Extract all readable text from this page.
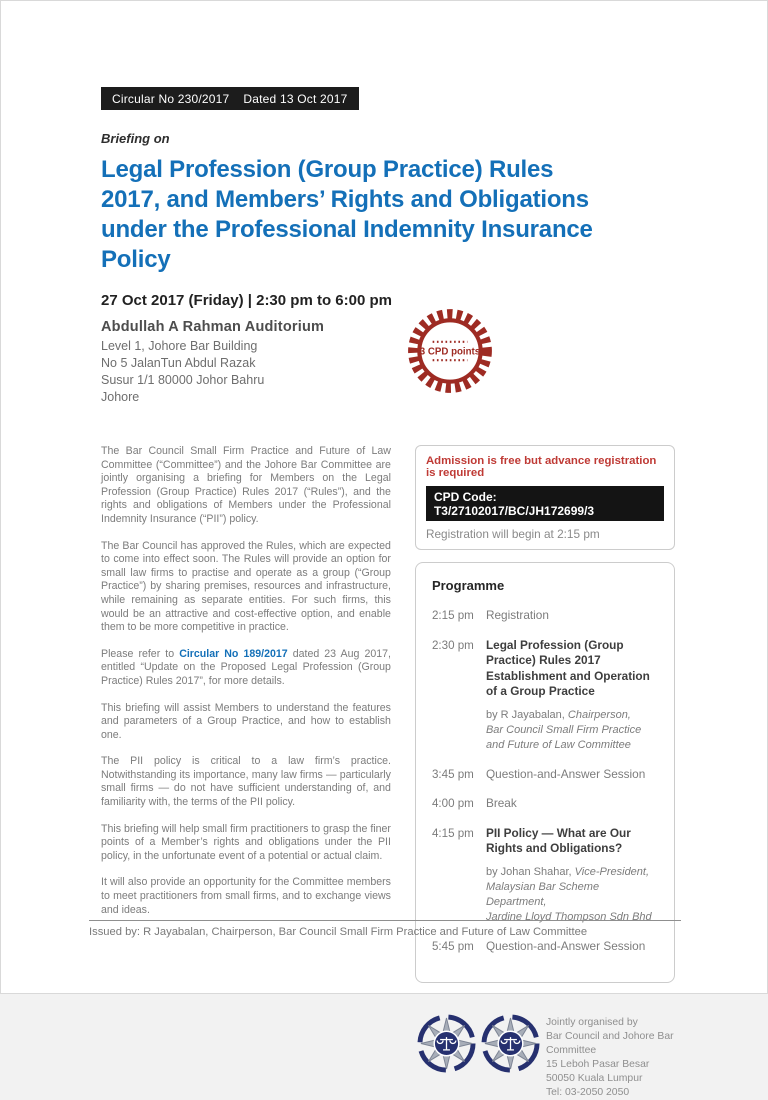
Circular No 230/2017 Dated 13 Oct 2017
Briefing on
Legal Profession (Group Practice) Rules 2017, and Members’ Rights and Obligations under the Professional Indemnity Insurance Policy
27 Oct 2017 (Friday) | 2:30 pm to 6:00 pm
Abdullah A Rahman Auditorium
Level 1, Johore Bar Building
No 5 JalanTun Abdul Razak
Susur 1/1 80000 Johor Bahru
Johore
3 CPD points

The Bar Council Small Firm Practice and Future of Law Committee (“Committee”) and the Johore Bar Committee are jointly organising a briefing for Members on the Legal Profession (Group Practice) Rules 2017 (“Rules”), and the rights and obligations of Members under the Professional Indemnity Insurance (“PII”) policy.

The Bar Council has approved the Rules, which are expected to come into effect soon. The Rules will provide an option for small law firms to practise and operate as a group (“Group Practice”) by sharing premises, resources and infrastructure, while remaining as separate entities. For such firms, this would be an attractive and cost-effective option, and enable them to be more competitive in practice.

Please refer to Circular No 189/2017 dated 23 Aug 2017, entitled “Update on the Proposed Legal Profession (Group Practice) Rules 2017”, for more details.

This briefing will assist Members to understand the features and parameters of a Group Practice, and how to establish one.

The PII policy is critical to a law firm’s practice. Notwithstanding its importance, many law firms — particularly small firms — do not have sufficient understanding of, and familiarity with, the terms of the PII policy.

This briefing will help small firm practitioners to grasp the finer points of a Member’s rights and obligations under the PII policy, in the unfortunate event of a potential or actual claim.

It will also provide an opportunity for the Committee members to meet practitioners from small firms, and to exchange views and ideas.

Admission is free but advance registration is required
CPD Code: T3/27102017/BC/JH172699/3
Registration will begin at 2:15 pm
Programme
2:15 pm	Registration
2:30 pm	Legal Profession (Group Practice) Rules 2017 Establishment and Operation of a Group Practice
by R Jayabalan, Chairperson,
Bar Council Small Firm Practice and Future of Law Committee
3:45 pm	Question-and-Answer Session
4:00 pm	Break
4:15 pm	PII Policy — What are Our Rights and Obligations?
by Johan Shahar, Vice-President,
Malaysian Bar Scheme Department,
Jardine Lloyd Thompson Sdn Bhd
5:45 pm	Question-and-Answer Session
Jointly organised by
Bar Council and Johore Bar Committee
15 Leboh Pasar Besar
50050 Kuala Lumpur
Tel: 03-2050 2050
Issued by: R Jayabalan, Chairperson, Bar Council Small Firm Practice and Future of Law Committee
